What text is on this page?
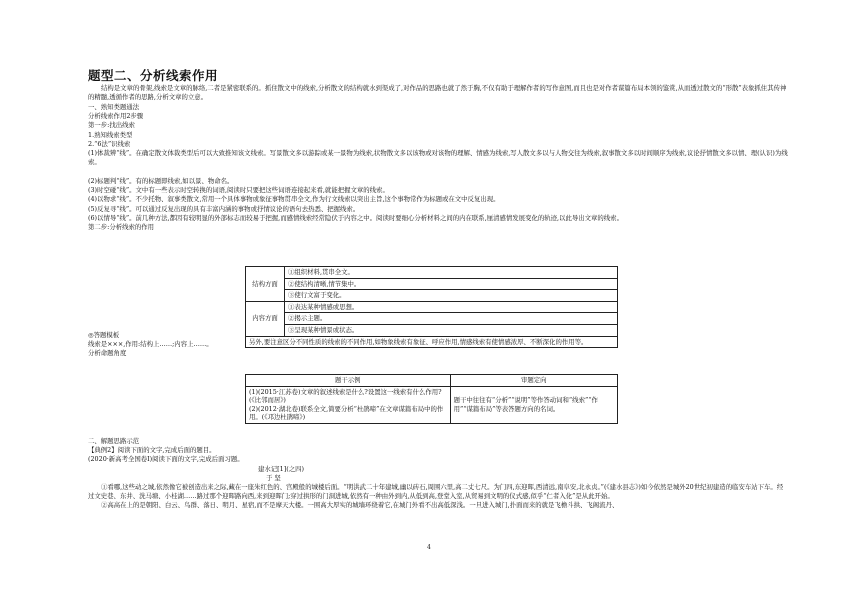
题型二、分析线索作用

结构是文章的骨架,线索是文章的脉络,二者是紧密联系的。抓住散文中的线索,分析散文的结构就水到渠成了,对作品的思路也就了然于胸,不仅有助于理解作者的写作意图,而且也是对作者谋篇布局本领的鉴赏,从而透过散文的“形散”表象抓住其传神的精髓,透循作者的思路,分析文章的立意。

一、熟知类题通法

分析线索作用2步骤

第一步:找出线索

1.熟知线索类型

2.“6法”识线索

(1)体裁辨“线”。在确定散文体裁类型后可以大致推知该文线索。写景散文多以游踪或某一景物为线索,状物散文多以该物或对该物的理解、情感为线索,写人散文多以与人物交往为线索,叙事散文多以时间顺序为线索,议论抒情散文多以情、理(认识)为线索。

(2)标题判“线”。有的标题即线索,如以景、物命名。

(3)时空碰“线”。文中有一些表示时空转换的词语,阅读时只要把这些词语连接起来看,就能把握文章的线索。

(4)以物求“线”。不少托物、叙事类散文,常用一个具体事物或象征事物贯串全文,作为行文线索以突出主旨,这个事物常作为标题或在文中反复出现。

(5)反复寻“线”。可以通过反复出现的具有丰富内涵的事物或抒情议论的语句去热悉、把握线索。

(6)以情导“线”。前几种方法,都因有较明显的外部标志而较易于把握,而感情线索经常隐伏于内容之中。阅读时要细心分析材料之间的内在联系,厘清感情发展变化的轨迹,以此导出文章的线索。

第二步:分析线索的作用

结构方面	①组织材料,贯串全文。
	②使结构清晰,情节集中。
	③使行文富于变化。
内容方面	①表达某种情感或思想。
	②揭示主题。
	③呈现某种情景或状态。
另外,要注意区分不同性质的线索的不同作用,如物象线索有象征、呼应作用,情感线索有使情感浓厚、不断深化的作用等。	

◎答题模板

线索是×××,作用:结构上……;内容上……。

分析命题角度

题干示例	审题定向

(1)(2015·江苏卷)文章的叙述线索是什么?设置这一线索有什么作用?(《比邻而居》)
(2)(2012·湖北卷)联系全文,简要分析“杜鹃啼”在文章谋篇布局中的作用。(《邛边杜鹃啼》)	题干中往往有“分析”“说明”等作答动词和“线索”“作用”“谋篇布局”等表答题方向的名词。

二、解题思路示范

【典例2】阅读下面的文字,完成后面的题目。

(2020·新高考全国卷Ⅰ)阅读下面的文字,完成后面习题。

建水记[1](之四)

于 坚

①看哪,这些动之城,依然像它被创造出来之际,藏在一座朱红色的、宫殿般的城楼后面。“明洪武二十年建城,幽以砖石,周围六里,高二丈七尺。为门四,东迎晖,西清远,南阜安,北永贞。”(《建水县志》)如今依然是城外20世纪初建造的临安车站下车。经过文史巷、东井、洗马塘、小桂湖……路过那个迎晖路向西,来到迎晖门;穿过拱形的门洞进城,依然有一种由外到内,从低到高,登堂入室,从贸易到文明的仪式感,似乎“仁者入化”是从此开始。

②高高在上的是朝阳、白云、鸟群、落日、明月、星宿,而不是摩天大楼。一围高大厚实的城墙环绕着它,在城门外看不出高低深浅。一旦进入城门,扑面而来的就是飞檐斗拱、飞阁流丹、

4
